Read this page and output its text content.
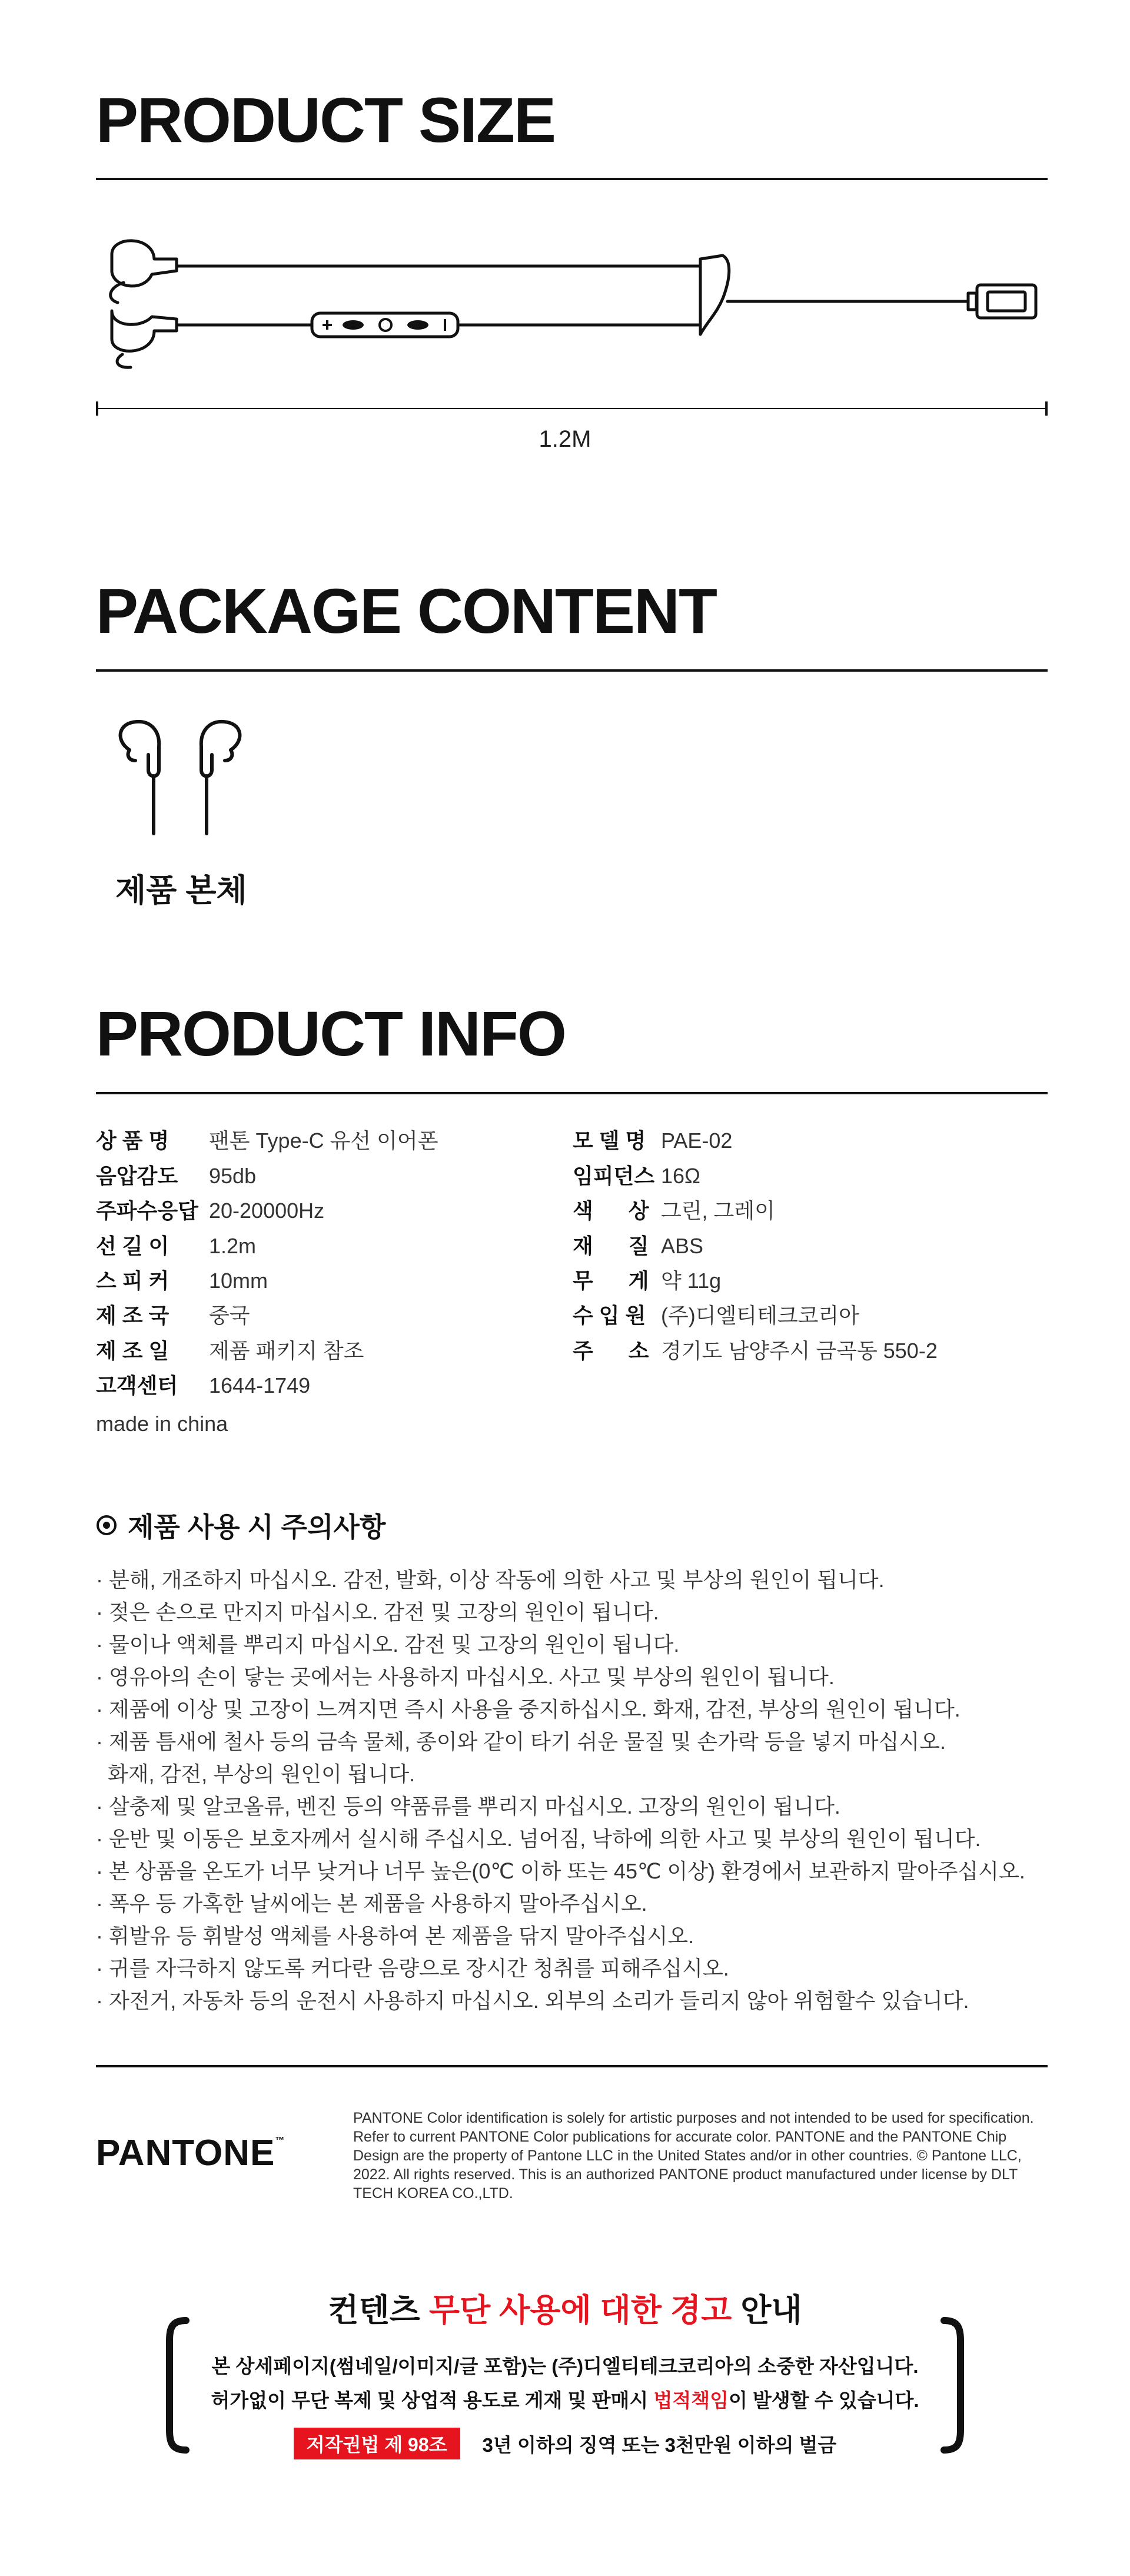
PRODUCT SIZE
1.2M
PACKAGE CONTENT
제품 본체
PRODUCT INFO
상 품 명	팬톤 Type-C 유선 이어폰
음압감도	95db
주파수응답 20-20000Hz
선 길 이	1.2m
스 피 커	10mm
제 조 국	중국
제 조 일	제품 패키지 참조
고객센터	1644-1749
모 델 명 PAE-02
임피던스 16Ω
색      상 그린, 그레이
재      질 ABS
무      게 약 11g
수 입 원 (주)디엘티테크코리아
주      소 경기도 남양주시 금곡동 550-2
made in china
제품 사용 시 주의사항
· 분해, 개조하지 마십시오. 감전, 발화, 이상 작동에 의한 사고 및 부상의 원인이 됩니다.
· 젖은 손으로 만지지 마십시오. 감전 및 고장의 원인이 됩니다.
· 물이나 액체를 뿌리지 마십시오. 감전 및 고장의 원인이 됩니다.
· 영유아의 손이 닿는 곳에서는 사용하지 마십시오. 사고 및 부상의 원인이 됩니다.
· 제품에 이상 및 고장이 느껴지면 즉시 사용을 중지하십시오. 화재, 감전, 부상의 원인이 됩니다.
· 제품 틈새에 철사 등의 금속 물체, 종이와 같이 타기 쉬운 물질 및 손가락 등을 넣지 마십시오.
화재, 감전, 부상의 원인이 됩니다.
· 살충제 및 알코올류, 벤진 등의 약품류를 뿌리지 마십시오. 고장의 원인이 됩니다.
· 운반 및 이동은 보호자께서 실시해 주십시오. 넘어짐, 낙하에 의한 사고 및 부상의 원인이 됩니다.
· 본 상품을 온도가 너무 낮거나 너무 높은(0℃ 이하 또는 45℃ 이상) 환경에서 보관하지 말아주십시오.
· 폭우 등 가혹한 날씨에는 본 제품을 사용하지 말아주십시오.
· 휘발유 등 휘발성 액체를 사용하여 본 제품을 닦지 말아주십시오.
· 귀를 자극하지 않도록 커다란 음량으로 장시간 청취를 피해주십시오.
· 자전거, 자동차 등의 운전시 사용하지 마십시오. 외부의 소리가 들리지 않아 위험할수 있습니다.
PANTONE™
PANTONE Color identification is solely for artistic purposes and not intended to be used for specification. Refer to current PANTONE Color publications for accurate color. PANTONE and the PANTONE Chip Design are the property of Pantone LLC in the United States and/or in other countries. © Pantone LLC, 2022. All rights reserved. This is an authorized PANTONE product manufactured under license by DLT TECH KOREA CO.,LTD.
컨텐츠 무단 사용에 대한 경고 안내
본 상세페이지(썸네일/이미지/글 포함)는 (주)디엘티테크코리아의 소중한 자산입니다.
허가없이 무단 복제 및 상업적 용도로 게재 및 판매시 법적책임이 발생할 수 있습니다.
저작권법 제 98조	3년 이하의 징역 또는 3천만원 이하의 벌금
